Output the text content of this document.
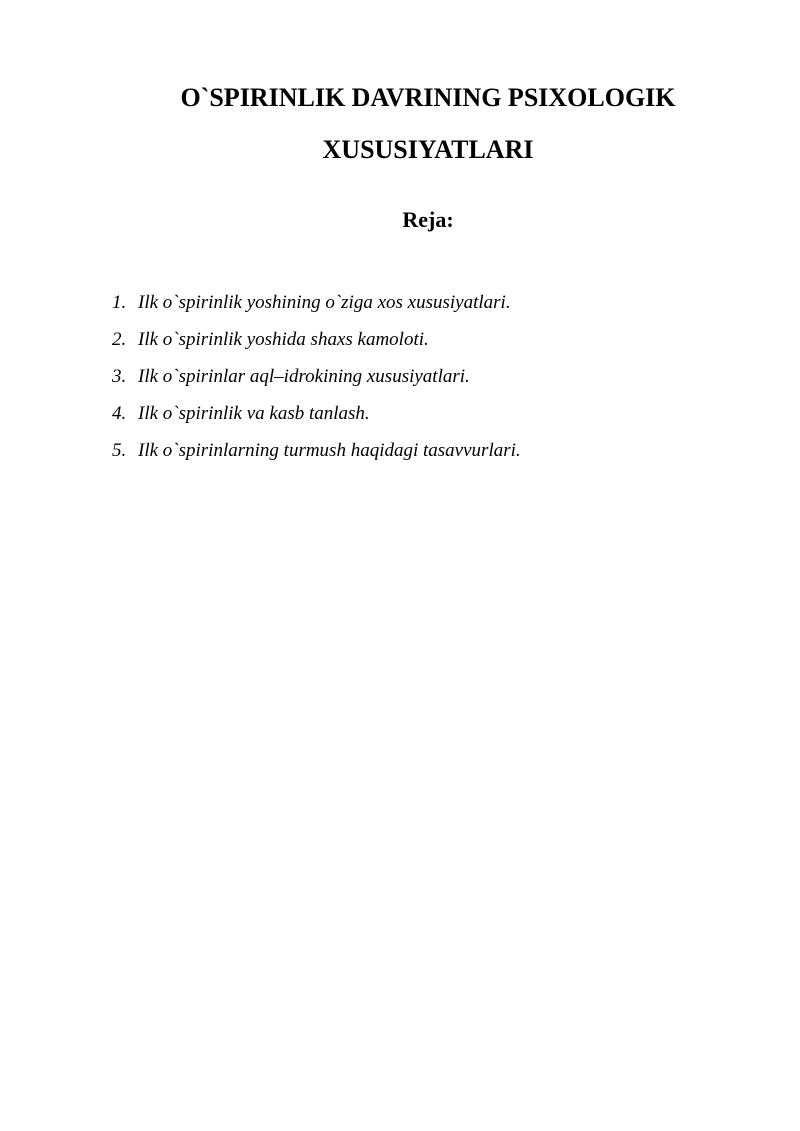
O`SPIRINLIK DAVRINING PSIXOLOGIK
XUSUSIYATLARI
Reja:
1. Ilk o`spirinlik yoshining o`ziga xos xususiyatlari.
2. Ilk o`spirinlik yoshida shaxs kamoloti.
3. Ilk o`spirinlar aql–idrokining xususiyatlari.
4. Ilk o`spirinlik va kasb tanlash.
5. Ilk o`spirinlarning turmush haqidagi tasavvurlari.
